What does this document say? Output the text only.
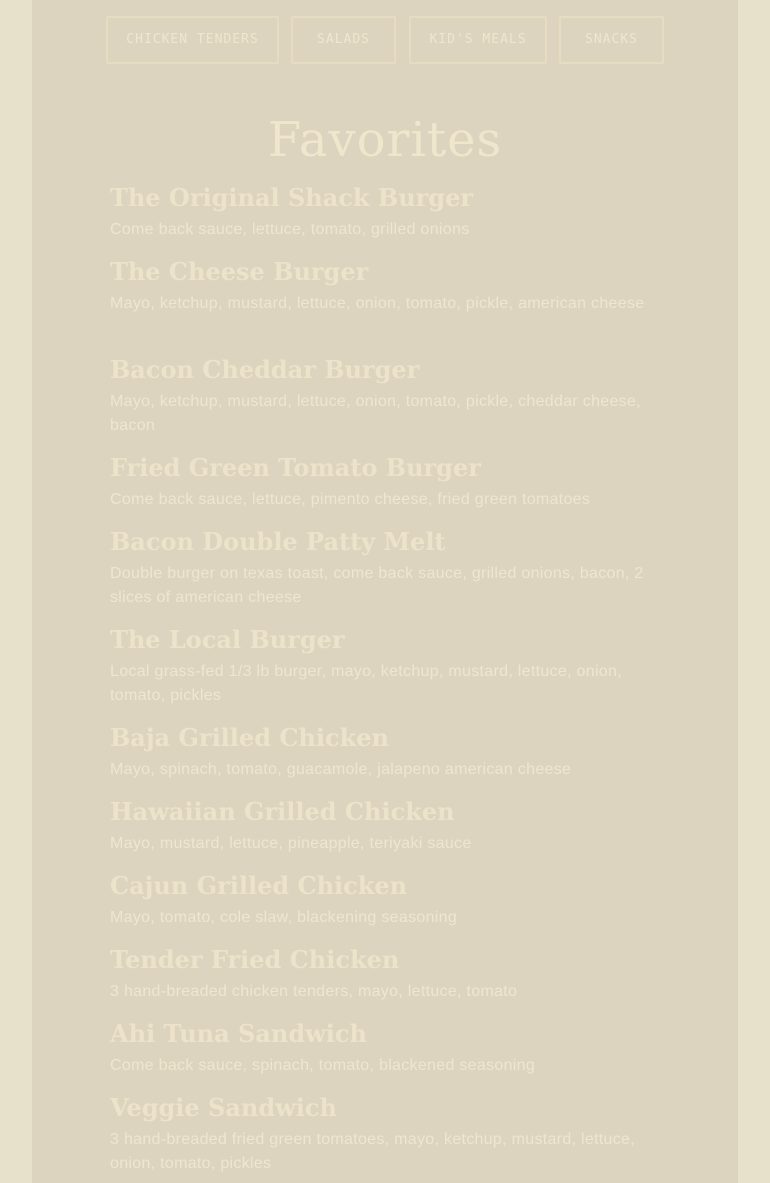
CHICKEN TENDERS	SALADS	KID'S MEALS	SNACKS
Favorites
The Original Shack Burger
Come back sauce, lettuce, tomato, grilled onions
The Cheese Burger
Mayo, ketchup, mustard, lettuce, onion, tomato, pickle, american cheese
Bacon Cheddar Burger
Mayo, ketchup, mustard, lettuce, onion, tomato, pickle, cheddar cheese, bacon
Fried Green Tomato Burger
Come back sauce, lettuce, pimento cheese, fried green tomatoes
Bacon Double Patty Melt
Double burger on texas toast, come back sauce, grilled onions, bacon, 2 slices of american cheese
The Local Burger
Local grass-fed 1/3 lb burger, mayo, ketchup, mustard, lettuce, onion, tomato, pickles
Baja Grilled Chicken
Mayo, spinach, tomato, guacamole, jalapeno american cheese
Hawaiian Grilled Chicken
Mayo, mustard, lettuce, pineapple, teriyaki sauce
Cajun Grilled Chicken
Mayo, tomato, cole slaw, blackening seasoning
Tender Fried Chicken
3 hand-breaded chicken tenders, mayo, lettuce, tomato
Ahi Tuna Sandwich
Come back sauce, spinach, tomato, blackened seasoning
Veggie Sandwich
3 hand-breaded fried green tomatoes, mayo, ketchup, mustard, lettuce, onion, tomato, pickles
